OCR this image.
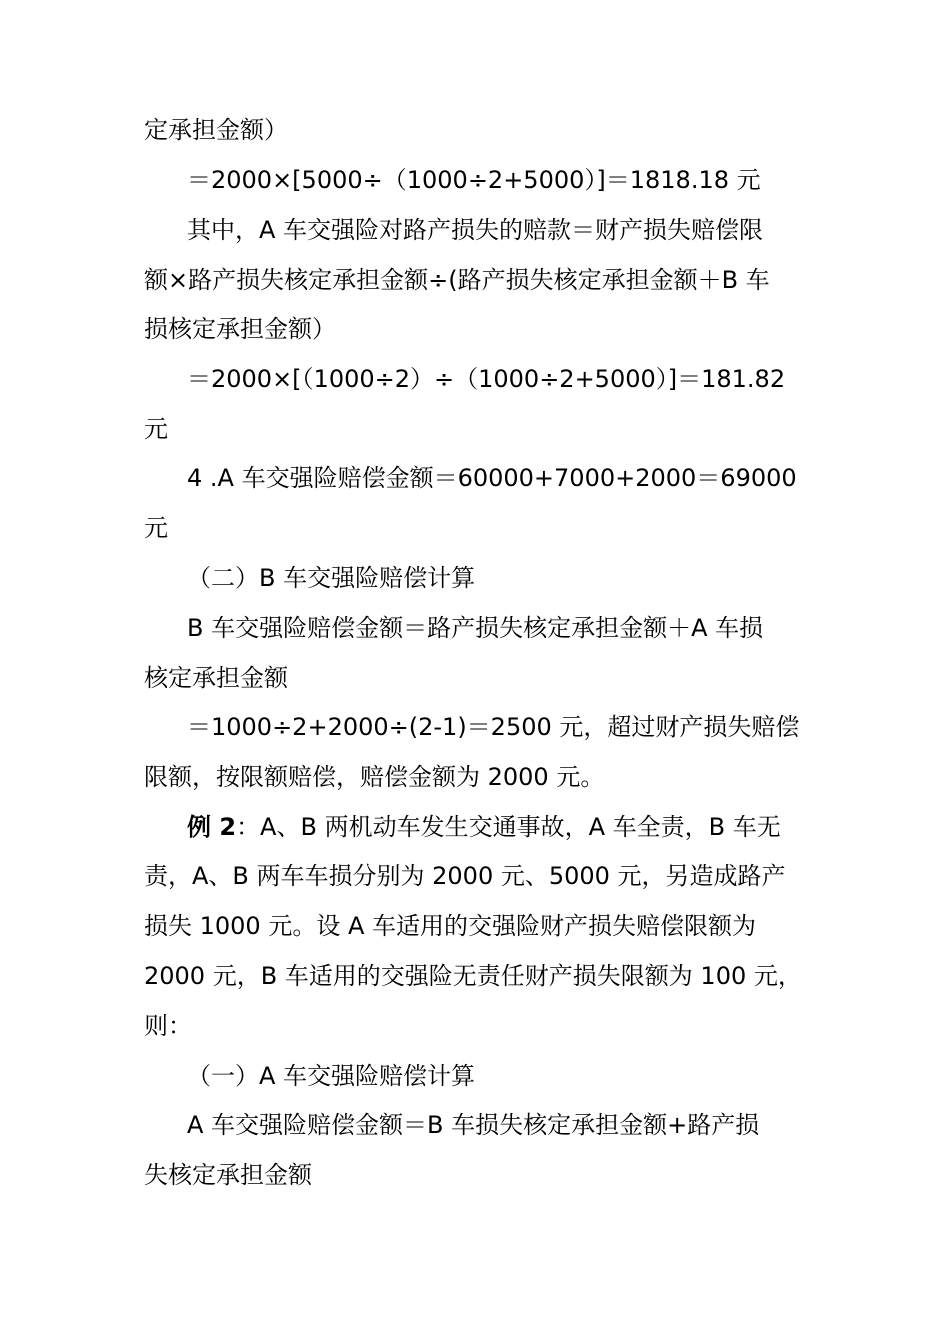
定承担金额）

＝2000×[5000÷（1000÷2+5000）]＝1818.18 元

其中，A 车交强险对路产损失的赔款＝财产损失赔偿限

额×路产损失核定承担金额÷(路产损失核定承担金额＋B 车

损核定承担金额）

＝2000×[（1000÷2）÷（1000÷2+5000）]＝181.82

元

4 .A 车交强险赔偿金额＝60000+7000+2000＝69000

元

（二）B 车交强险赔偿计算

B 车交强险赔偿金额＝路产损失核定承担金额＋A 车损

核定承担金额

＝1000÷2+2000÷(2-1)＝2500 元，超过财产损失赔偿

限额，按限额赔偿，赔偿金额为 2000 元。

例 2：A、B 两机动车发生交通事故，A 车全责，B 车无

责，A、B 两车车损分别为 2000 元、5000 元，另造成路产

损失 1000 元。设 A 车适用的交强险财产损失赔偿限额为

2000 元，B 车适用的交强险无责任财产损失限额为 100 元，

则：

（一）A 车交强险赔偿计算

A 车交强险赔偿金额＝B 车损失核定承担金额+路产损

失核定承担金额
